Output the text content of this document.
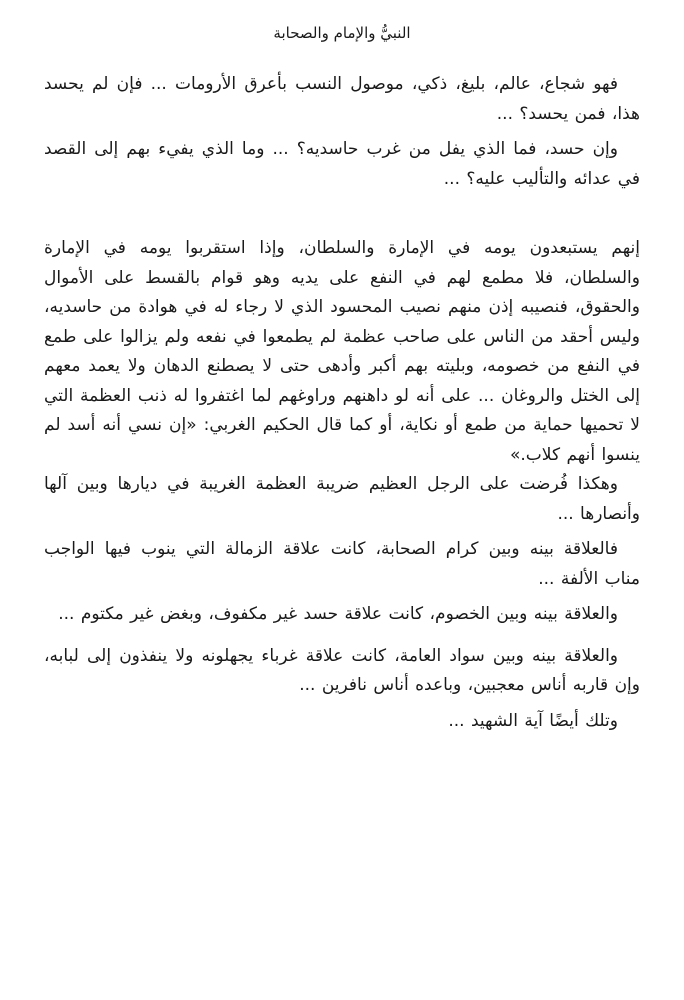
النبيُّ والإمام والصحابة

فهو شجاع، عالم، بليغ، ذكي، موصول النسب بأعرق الأرومات ... فإن لم يحسد هذا، فمن يحسد؟ ...

وإن حسد، فما الذي يفل من غرب حاسديه؟ ... وما الذي يفيء بهم إلى القصد في عدائه والتأليب عليه؟ ...

إنهم يستبعدون يومه في الإمارة والسلطان، وإذا استقربوا يومه في الإمارة والسلطان، فلا مطمع لهم في النفع على يديه وهو قوام بالقسط على الأموال والحقوق، فنصيبه إذن منهم نصيب المحسود الذي لا رجاء له في هوادة من حاسديه، وليس أحقد من الناس على صاحب عظمة لم يطمعوا في نفعه ولم يزالوا على طمع في النفع من خصومه، وبليته بهم أكبر وأدهى حتى لا يصطنع الدهان ولا يعمد معهم إلى الختل والروغان ... على أنه لو داهنهم وراوغهم لما اغتفروا له ذنب العظمة التي لا تحميها حماية من طمع أو نكاية، أو كما قال الحكيم الغربي: «إن نسي أنه أسد لم ينسوا أنهم كلاب.»

وهكذا فُرضت على الرجل العظيم ضريبة العظمة الغريبة في ديارها وبين آلها وأنصارها ...

فالعلاقة بينه وبين كرام الصحابة، كانت علاقة الزمالة التي ينوب فيها الواجب مناب الألفة ...

والعلاقة بينه وبين الخصوم، كانت علاقة حسد غير مكفوف، وبغض غير مكتوم ...

والعلاقة بينه وبين سواد العامة، كانت علاقة غرباء يجهلونه ولا ينفذون إلى لبابه، وإن قاربه أناس معجبين، وباعده أناس نافرين ...

وتلك أيضًا آية الشهيد ...
